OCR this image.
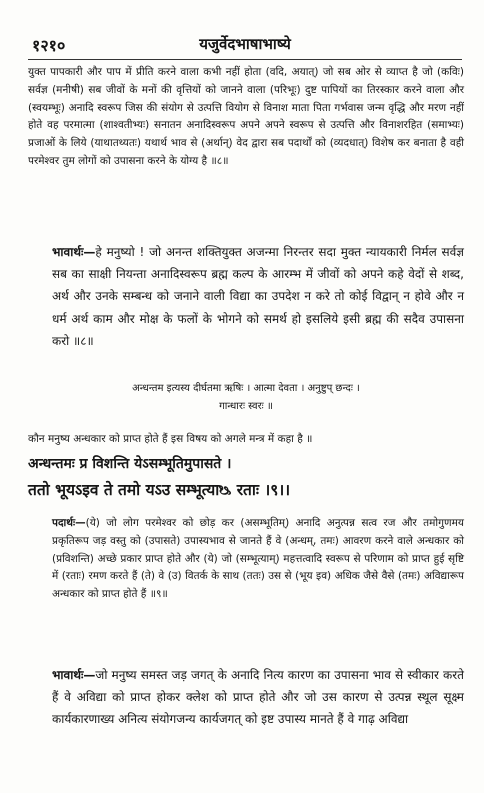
१२१०	यजुर्वेदभाषाभाष्ये

युक्त पापकारी और पाप में प्रीति करने वाला कभी नहीं होता (वदि, अयात्) जो सब ओर से व्याप्त है जो (कविः) सर्वज्ञ (मनीषी) सब जीवों के मनों की वृत्तियों को जानने वाला (परिभूः) दुष्ट पापियों का तिरस्कार करने वाला और (स्वयम्भूः) अनादि स्वरूप जिस की संयोग से उत्पत्ति वियोग से विनाश माता पिता गर्भवास जन्म वृद्धि और मरण नहीं होते वह परमात्मा (शाश्वतीभ्यः) सनातन अनादिस्वरूप अपने अपने स्वरूप से उत्पत्ति और विनाशरहित (समाभ्यः) प्रजाओं के लिये (याथातथ्यतः) यथार्थ भाव से (अर्थान्) वेद द्वारा सब पदार्थों को (व्यदधात्) विशेष कर बनाता है वही परमेश्वर तुम लोगों को उपासना करने के योग्य है ॥८॥

भावार्थः—हे मनुष्यो ! जो अनन्त शक्तियुक्त अजन्मा निरन्तर सदा मुक्त न्यायकारी निर्मल सर्वज्ञ सब का साक्षी नियन्ता अनादिस्वरूप ब्रह्म कल्प के आरम्भ में जीवों को अपने कहे वेदों से शब्द, अर्थ और उनके सम्बन्ध को जनाने वाली विद्या का उपदेश न करे तो कोई विद्वान् न होवे और न धर्म अर्थ काम और मोक्ष के फलों के भोगने को समर्थ हो इसलिये इसी ब्रह्म की सदैव उपासना करो ॥८॥

अन्धन्तम इत्यस्य दीर्घतमा ऋषिः । आत्मा देवता । अनुष्टुप् छन्दः ।

गान्धारः स्वरः ॥

कौन मनुष्य अन्धकार को प्राप्त होते हैं इस विषय को अगले मन्त्र में कहा है ॥

अन्धन्तमः प्र विशन्ति येऽसम्भूतिमुपासते ।

ततो भूयऽइव ते तमो यऽउ सम्भूत्याᳬ रताः ।९।।

पदार्थः—(ये) जो लोग परमेश्वर को छोड़ कर (असम्भूतिम्) अनादि अनुत्पन्न सत्व रज और तमोगुणमय प्रकृतिरूप जड़ वस्तु को (उपासते) उपास्यभाव से जानते हैं वे (अन्धम्, तमः) आवरण करने वाले अन्धकार को (प्रविशन्ति) अच्छे प्रकार प्राप्त होते और (ये) जो (सम्भूत्याम्) महत्तत्वादि स्वरूप से परिणाम को प्राप्त हुई सृष्टि में (रताः) रमण करते हैं (ते) वे (उ) वितर्क के साथ (ततः) उस से (भूय इव) अधिक जैसे वैसे (तमः) अविद्यारूप अन्धकार को प्राप्त होते हैं ॥९॥

भावार्थः—जो मनुष्य समस्त जड़ जगत् के अनादि नित्य कारण का उपासना भाव से स्वीकार करते हैं वे अविद्या को प्राप्त होकर क्लेश को प्राप्त होते और जो उस कारण से उत्पन्न स्थूल सूक्ष्म कार्यकारणाख्य अनित्य संयोगजन्य कार्यजगत् को इष्ट उपास्य मानते हैं वे गाढ़ अविद्या
